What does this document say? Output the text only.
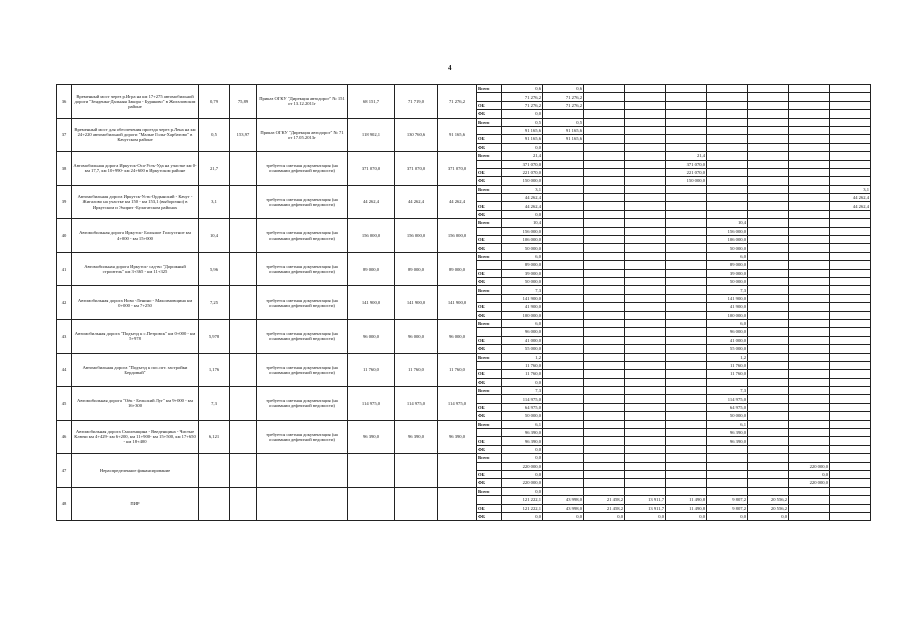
4
36	Временный мост через р.Игра на км 17+275 автомобильной дороги "Зенденка-Дальняя Закора - Буряково" в Жигаловском районе	0,79	75,89	Приказ ОГКУ "Дирекция автодорог" № 151 от 13.12.2011г	68 151,7	71 719,0	71 276,2	Всего	0,6	0,6							
									71 276,2	71 276,2							
								ОБ	71 276,2	71 276,2							
								ФБ	0,0								
37	Временный мост для обеспечения проезда через р.Лена на км 24+220 автомобильной дороги "Малые Голы-Харбатово" в Качугском районе	0,5	153,97	Приказ ОГКУ "Дирекция автодорог" № 71 от 17.05.2013г	118 902,1	130 760,6	91 165,6	Всего	0,5	0,5							
									91 165,6	91 165,6							
								ОБ	91 165,6	91 165,6							
								ФБ	0,0								
38	Автомобильная дорога Иркутск-Оса-Усть-Уда на участке км 0- км 17,7, км 10+990- км 24+600 в Иркутском районе	21,7		требуется сметная документация (на основании дефектной ведомости)	371 070,0	371 070,0	371 070,0	Всего	21,4				21,4				
									371 070,0				371 070,0				
								ОБ	221 070,0				221 070,0				
								ФБ	150 000,0				150 000,0				
39	Автомобильная дорога Иркутск-Усть-Ордынский - Качуг - Жигалово на участке км 150 - км 153,1 (выборочно) в Иркутском и Эхирит -Булагатском районах	3,1		требуется сметная документация (на основании дефектной ведомости)	44 262,4	44 262,4	44 262,4	Всего	3,1								3,1
									44 262,4								44 262,4
								ОБ	44 262,4								44 262,4
								ФБ	0,0								
40	Автомобильная дорога Иркутск- Большое Голоустное км 4+000 - км 15+000	10,4		требуется сметная документация (на основании дефектной ведомости)	156 000,0	156 000,0	156 000,0	Всего	10,4					10,4			
									156 000,0					156 000,0			
								ОБ	106 000,0					106 000,0			
								ФБ	50 000,0					50 000,0			
41	Автомобильная дорога Иркутск- сад-во "Дорожный строитель" км 3+365 - км 11+325	5,96		требуется сметная документация (на основании дефектной ведомости)	89 000,0	89 000,0	89 000,0	Всего	6,0					6,0			
									89 000,0					89 000,0			
								ОБ	39 000,0					39 000,0			
								ФБ	50 000,0					50 000,0			
42	Автомобильная дорога Ново -Ленино - Максимовщина км 0+000 - км 7+250	7,25		требуется сметная документация (на основании дефектной ведомости)	141 900,0	141 900,0	141 900,0	Всего	7,3					7,3			
									141 900,0					141 900,0			
								ОБ	41 900,0					41 900,0			
								ФБ	100 000,0					100 000,0			
43	Автомобильная дорога "Подъезд к с.Петровск" км 0+000 - км 5+978	5,978		требуется сметная документация (на основании дефектной ведомости)	96 000,0	96 000,0	96 000,0	Всего	6,0					6,0			
									96 000,0					96 000,0			
								ОБ	41 000,0					41 000,0			
								ФБ	55 000,0					55 000,0			
44	Автомобильная дорога "Подъезд к пос.пгт. застройки Бердовый"	1,176		требуется сметная документация (на основании дефектной ведомости)	11 760,0	11 760,0	11 760,0	Всего	1,2					1,2			
									11 760,0					11 760,0			
								ОБ	11 760,0					11 760,0			
								ФБ	0,0								
45	Автомобильная дорога "Оёк - Бельский Луг" км 9+000 - км 16+300	7,3		требуется сметная документация (на основании дефектной ведомости)	114 975,0	114 975,0	114 975,0	Всего	7,3					7,3			
									114 975,0					114 975,0			
								ОБ	64 975,0					64 975,0			
								ФБ	50 000,0					50 000,0			
46	Автомобильная дорога Смоленщина - Введенщина - Чистые Ключи км 4+429- км 6+200, км 11+900- км 15+500, км 17+650 - км 18+400	6,121		требуется сметная документация (на основании дефектной ведомости)	96 390,0	96 390,0	96 390,0	Всего	6,1					6,1			
									96 390,0					96 390,0			
								ОБ	96 390,0					96 390,0			
								ФБ	0,0								
47	Нераспределенное финансирование							Всего	0,0								
									220 000,0							220 000,0	
								ОБ	0,0							0,0	
								ФБ	220 000,0							220 000,0	
48	ПИР							Всего	0,0								
									121 222,1	43 998,0	21 458,2	13 911,7	11 490,8	9 807,2	20 556,2		
								ОБ	121 222,1	43 998,0	21 458,2	13 911,7	11 490,8	9 807,2	20 556,2		
								ФБ	0,0	0,0	0,0	0,0	0,0	0,0	0,0		
